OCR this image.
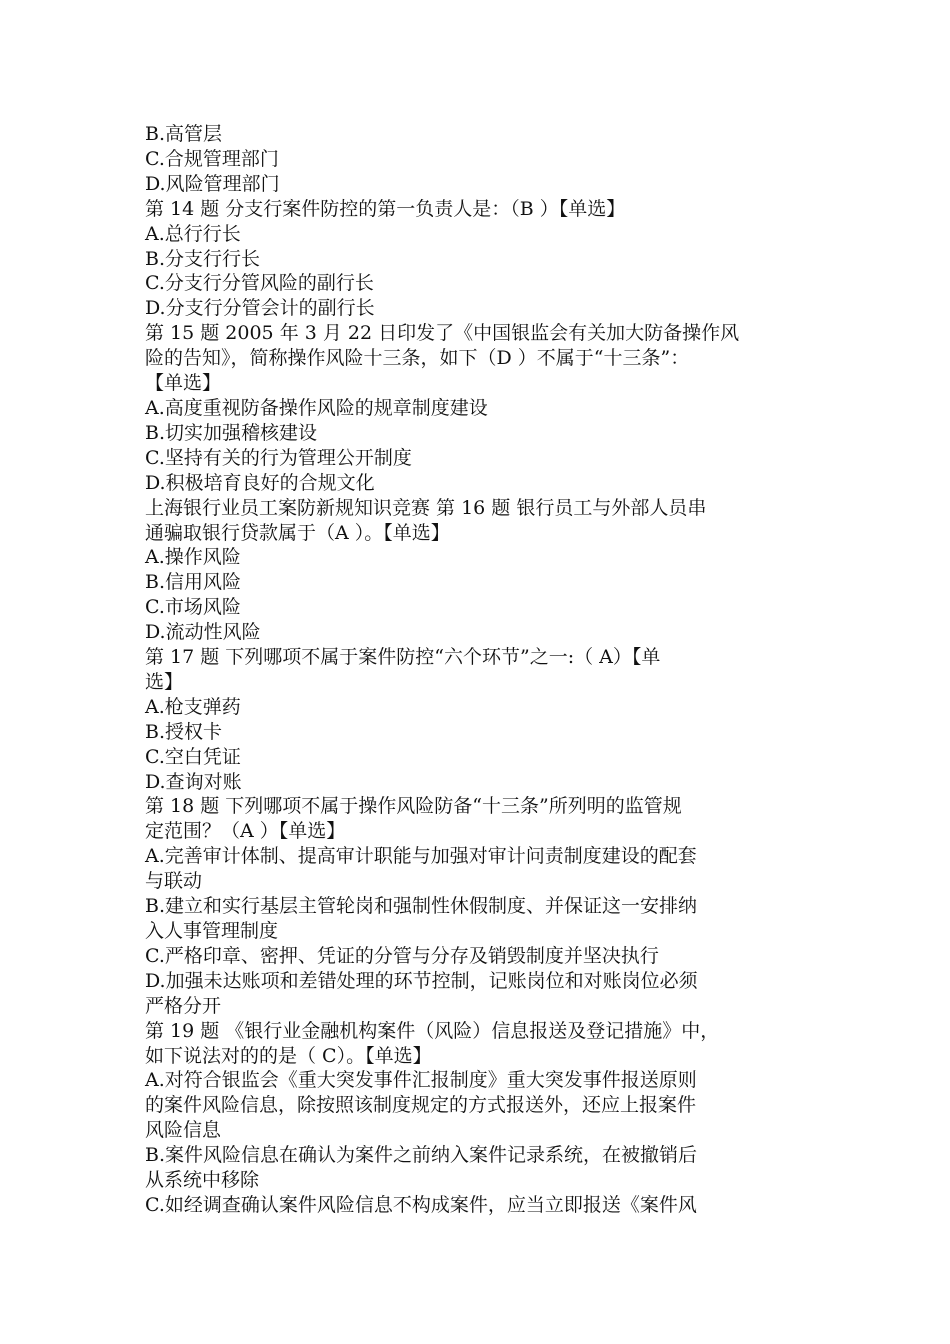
B.高管层
C.合规管理部门
D.风险管理部门
第 14 题 分支行案件防控的第一负责人是：（B ）【单选】
A.总行行长
B.分支行行长
C.分支行分管风险的副行长
D.分支行分管会计的副行长
第 15 题 2005 年 3 月 22 日印发了《中国银监会有关加大防备操作风
险的告知》，简称操作风险十三条，如下（D ）不属于“十三条”：
【单选】
A.高度重视防备操作风险的规章制度建设
B.切实加强稽核建设
C.坚持有关的行为管理公开制度
D.积极培育良好的合规文化
上海银行业员工案防新规知识竞赛 第 16 题 银行员工与外部人员串
通骗取银行贷款属于（A ）。【单选】
A.操作风险
B.信用风险
C.市场风险
D.流动性风险
第 17 题 下列哪项不属于案件防控“六个环节”之一:（ A）【单
选】
A.枪支弹药
B.授权卡
C.空白凭证
D.查询对账
第 18 题 下列哪项不属于操作风险防备“十三条”所列明的监管规
定范围？（A ）【单选】
A.完善审计体制、提高审计职能与加强对审计问责制度建设的配套
与联动
B.建立和实行基层主管轮岗和强制性休假制度、并保证这一安排纳
入人事管理制度
C.严格印章、密押、凭证的分管与分存及销毁制度并坚决执行
D.加强未达账项和差错处理的环节控制，记账岗位和对账岗位必须
严格分开
第 19 题 《银行业金融机构案件（风险）信息报送及登记措施》中，
如下说法对的的是（ C）。【单选】
A.对符合银监会《重大突发事件汇报制度》重大突发事件报送原则
的案件风险信息，除按照该制度规定的方式报送外，还应上报案件
风险信息
B.案件风险信息在确认为案件之前纳入案件记录系统，在被撤销后
从系统中移除
C.如经调查确认案件风险信息不构成案件，应当立即报送《案件风
